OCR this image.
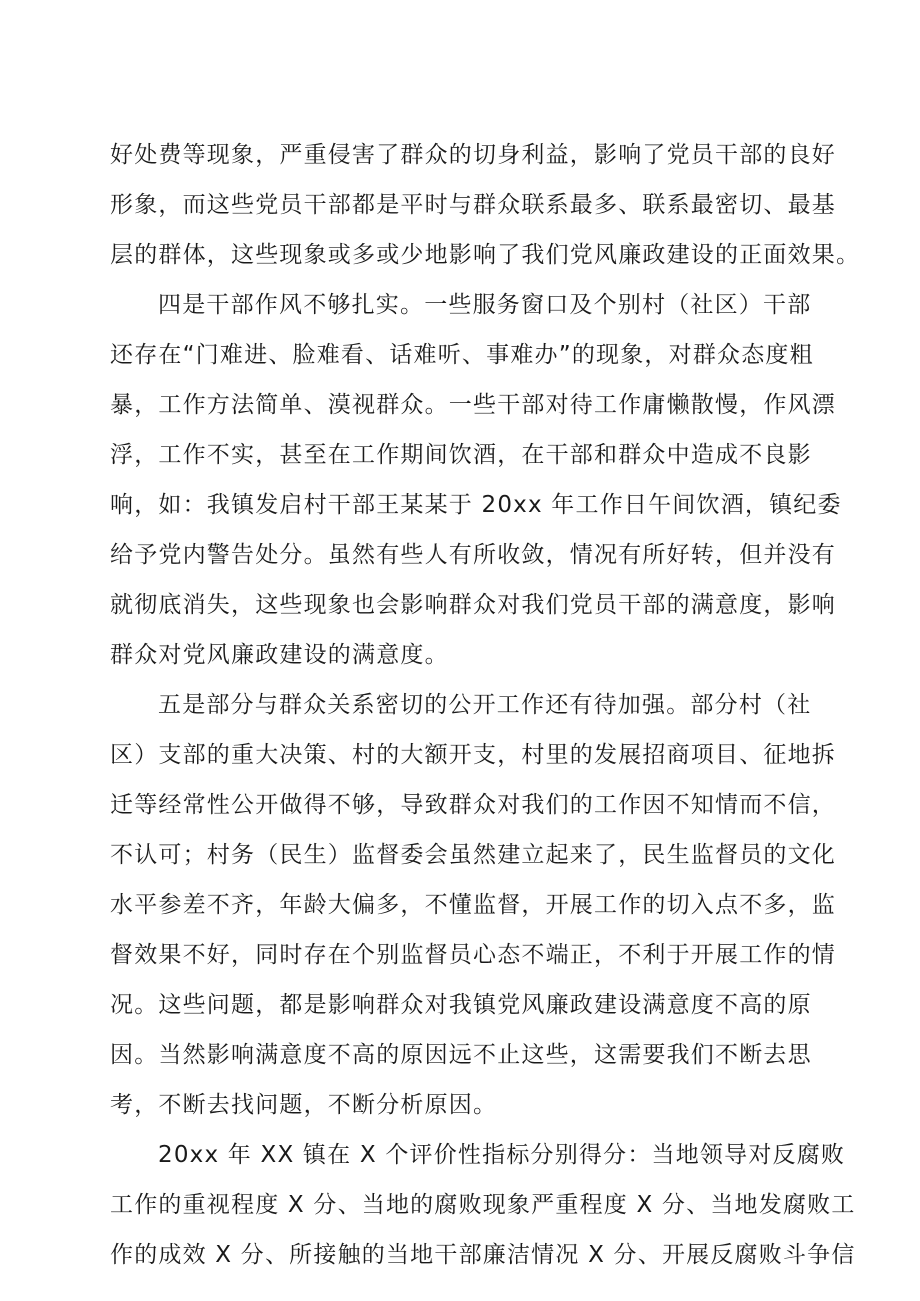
好处费等现象，严重侵害了群众的切身利益，影响了党员干部的良好
形象，而这些党员干部都是平时与群众联系最多、联系最密切、最基
层的群体，这些现象或多或少地影响了我们党风廉政建设的正面效果。
四是干部作风不够扎实。一些服务窗口及个别村（社区）干部
还存在“门难进、脸难看、话难听、事难办”的现象，对群众态度粗
暴，工作方法简单、漠视群众。一些干部对待工作庸懒散慢，作风漂
浮，工作不实，甚至在工作期间饮酒，在干部和群众中造成不良影
响，如：我镇发启村干部王某某于 20xx 年工作日午间饮酒，镇纪委
给予党内警告处分。虽然有些人有所收敛，情况有所好转，但并没有
就彻底消失，这些现象也会影响群众对我们党员干部的满意度，影响
群众对党风廉政建设的满意度。
五是部分与群众关系密切的公开工作还有待加强。部分村（社
区）支部的重大决策、村的大额开支，村里的发展招商项目、征地拆
迁等经常性公开做得不够，导致群众对我们的工作因不知情而不信，
不认可；村务（民生）监督委会虽然建立起来了，民生监督员的文化
水平参差不齐，年龄大偏多，不懂监督，开展工作的切入点不多，监
督效果不好，同时存在个别监督员心态不端正，不利于开展工作的情
况。这些问题，都是影响群众对我镇党风廉政建设满意度不高的原
因。当然影响满意度不高的原因远不止这些，这需要我们不断去思
考，不断去找问题，不断分析原因。
20xx 年 XX 镇在 X 个评价性指标分别得分：当地领导对反腐败
工作的重视程度 X 分、当地的腐败现象严重程度 X 分、当地发腐败工
作的成效 X 分、所接触的当地干部廉洁情况 X 分、开展反腐败斗争信
